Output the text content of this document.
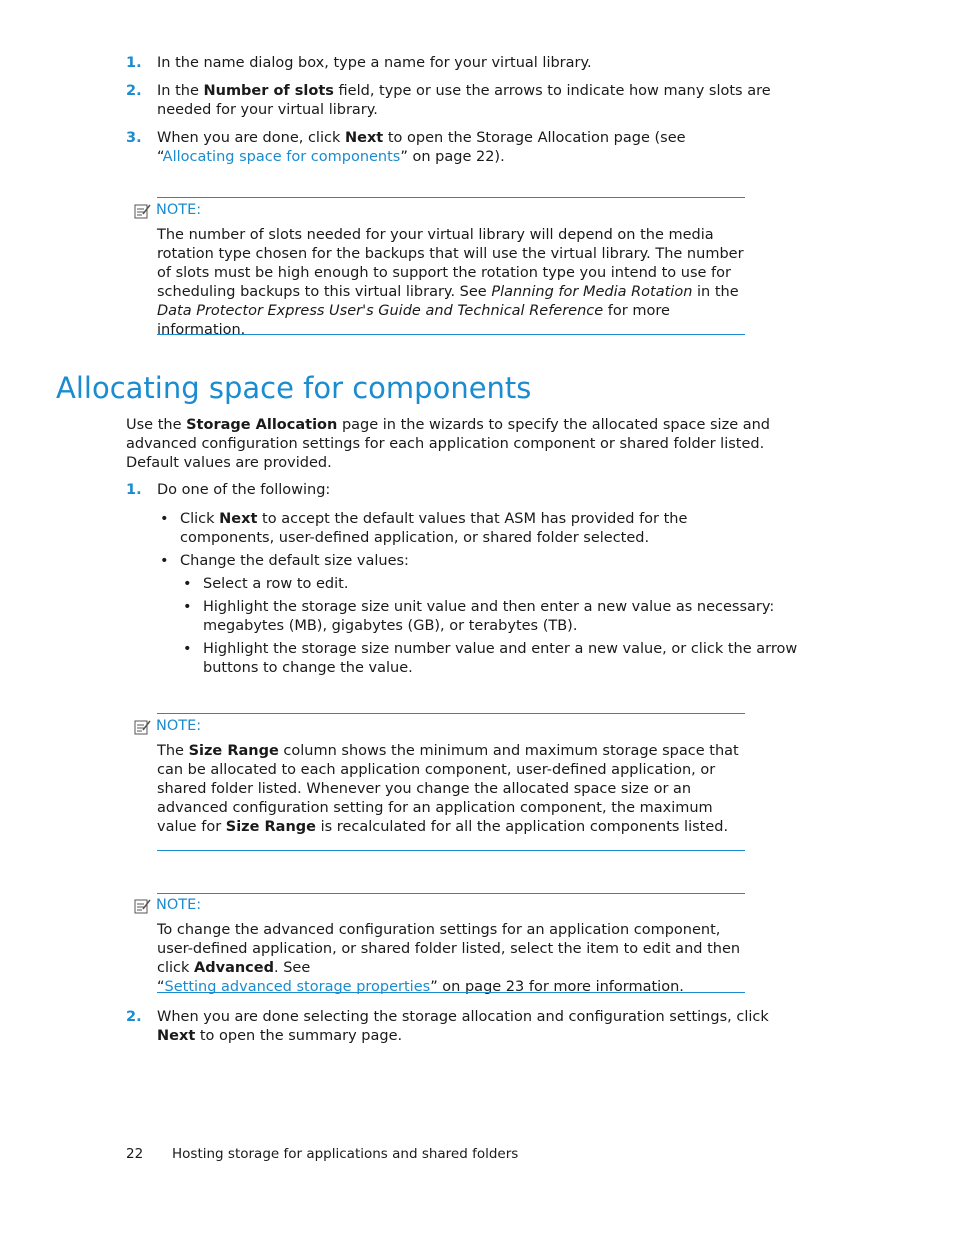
1. In the name dialog box, type a name for your virtual library.
2. In the Number of slots field, type or use the arrows to indicate how many slots are needed for your virtual library.
3. When you are done, click Next to open the Storage Allocation page (see
“Allocating space for components” on page 22).
NOTE:
The number of slots needed for your virtual library will depend on the media rotation type chosen for the backups that will use the virtual library. The number of slots must be high enough to support the rotation type you intend to use for scheduling backups to this virtual library. See Planning for Media Rotation in the Data Protector Express User's Guide and Technical Reference for more information.
Allocating space for components
Use the Storage Allocation page in the wizards to specify the allocated space size and advanced configuration settings for each application component or shared folder listed. Default values are provided.
1. Do one of the following:
• Click Next to accept the default values that ASM has provided for the components, user-defined application, or shared folder selected.
• Change the default size values:
• Select a row to edit.
• Highlight the storage size unit value and then enter a new value as necessary: megabytes (MB), gigabytes (GB), or terabytes (TB).
• Highlight the storage size number value and enter a new value, or click the arrow buttons to change the value.
NOTE:
The Size Range column shows the minimum and maximum storage space that can be allocated to each application component, user-defined application, or shared folder listed. Whenever you change the allocated space size or an advanced configuration setting for an application component, the maximum value for Size Range is recalculated for all the application components listed.
NOTE:
To change the advanced configuration settings for an application component, user-defined application, or shared folder listed, select the item to edit and then click Advanced. See
“Setting advanced storage properties” on page 23 for more information.
2. When you are done selecting the storage allocation and configuration settings, click Next to open the summary page.
22 Hosting storage for applications and shared folders
